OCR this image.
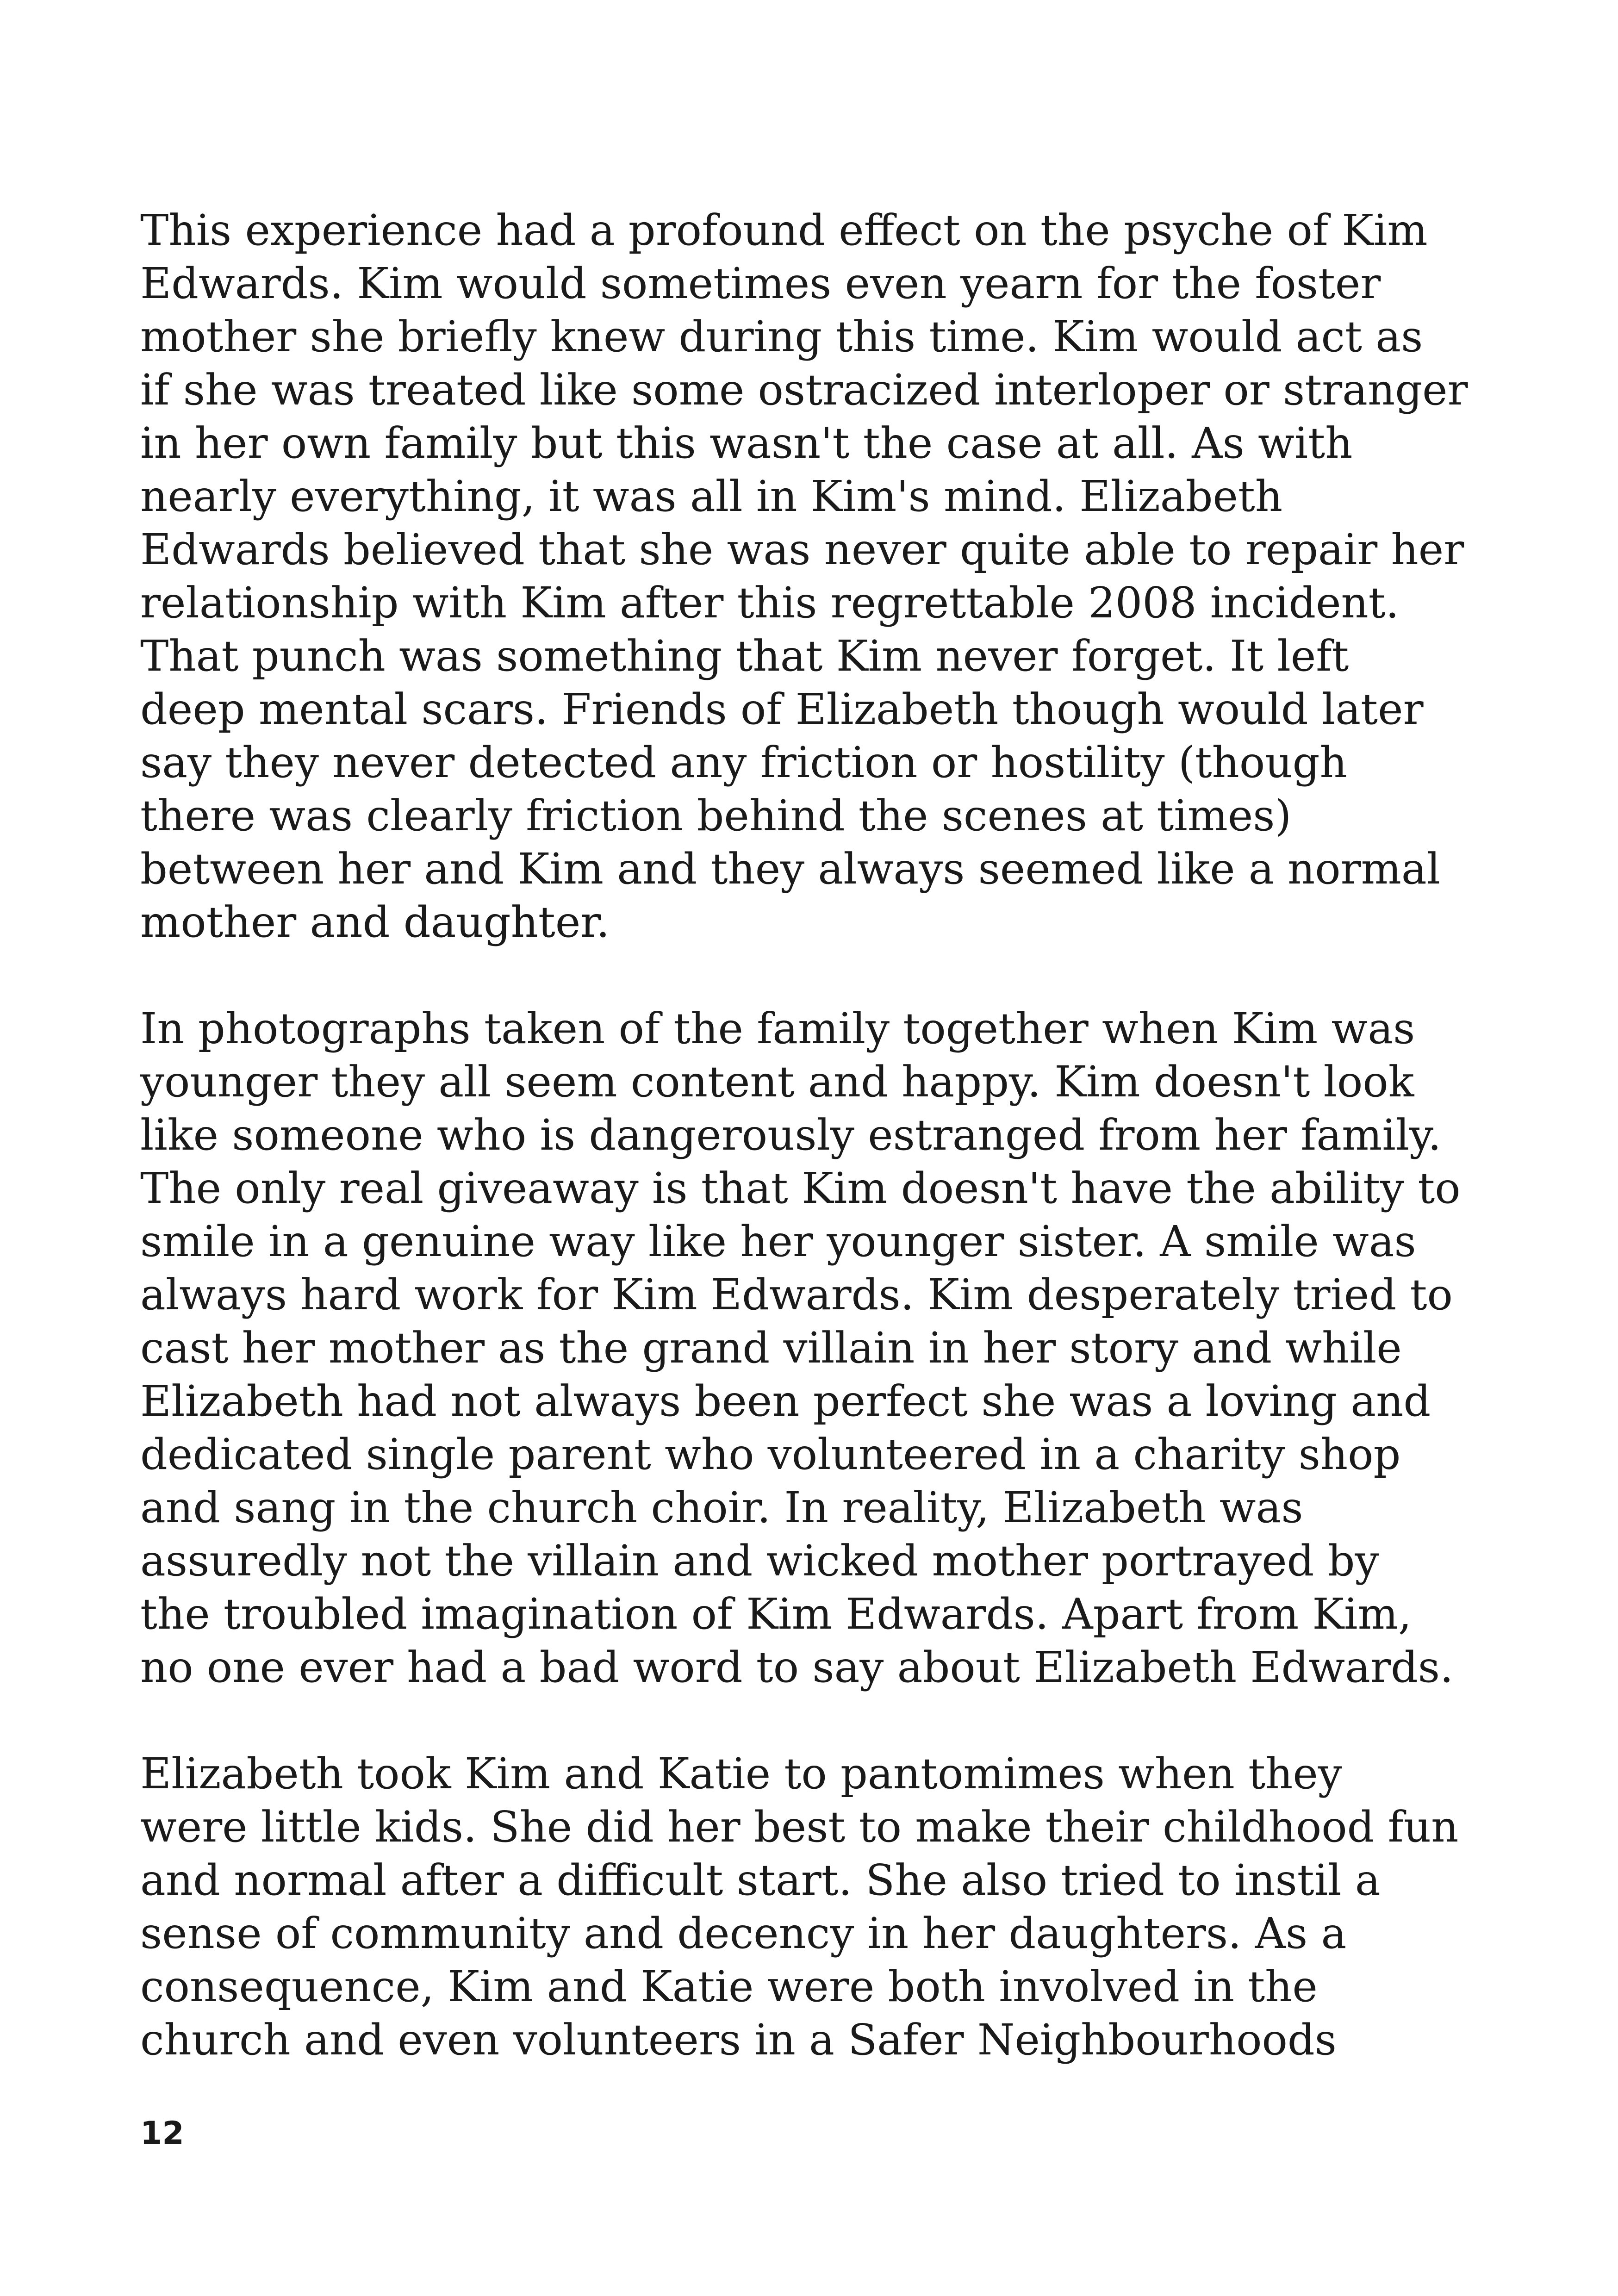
This experience had a profound effect on the psyche of Kim
Edwards. Kim would sometimes even yearn for the foster
mother she briefly knew during this time. Kim would act as
if she was treated like some ostracized interloper or stranger
in her own family but this wasn't the case at all. As with
nearly everything, it was all in Kim's mind. Elizabeth
Edwards believed that she was never quite able to repair her
relationship with Kim after this regrettable 2008 incident.
That punch was something that Kim never forget. It left
deep mental scars. Friends of Elizabeth though would later
say they never detected any friction or hostility (though
there was clearly friction behind the scenes at times)
between her and Kim and they always seemed like a normal
mother and daughter.
In photographs taken of the family together when Kim was
younger they all seem content and happy. Kim doesn't look
like someone who is dangerously estranged from her family.
The only real giveaway is that Kim doesn't have the ability to
smile in a genuine way like her younger sister. A smile was
always hard work for Kim Edwards. Kim desperately tried to
cast her mother as the grand villain in her story and while
Elizabeth had not always been perfect she was a loving and
dedicated single parent who volunteered in a charity shop
and sang in the church choir. In reality, Elizabeth was
assuredly not the villain and wicked mother portrayed by
the troubled imagination of Kim Edwards. Apart from Kim,
no one ever had a bad word to say about Elizabeth Edwards.
Elizabeth took Kim and Katie to pantomimes when they
were little kids. She did her best to make their childhood fun
and normal after a difficult start. She also tried to instil a
sense of community and decency in her daughters. As a
consequence, Kim and Katie were both involved in the
church and even volunteers in a Safer Neighbourhoods
12
